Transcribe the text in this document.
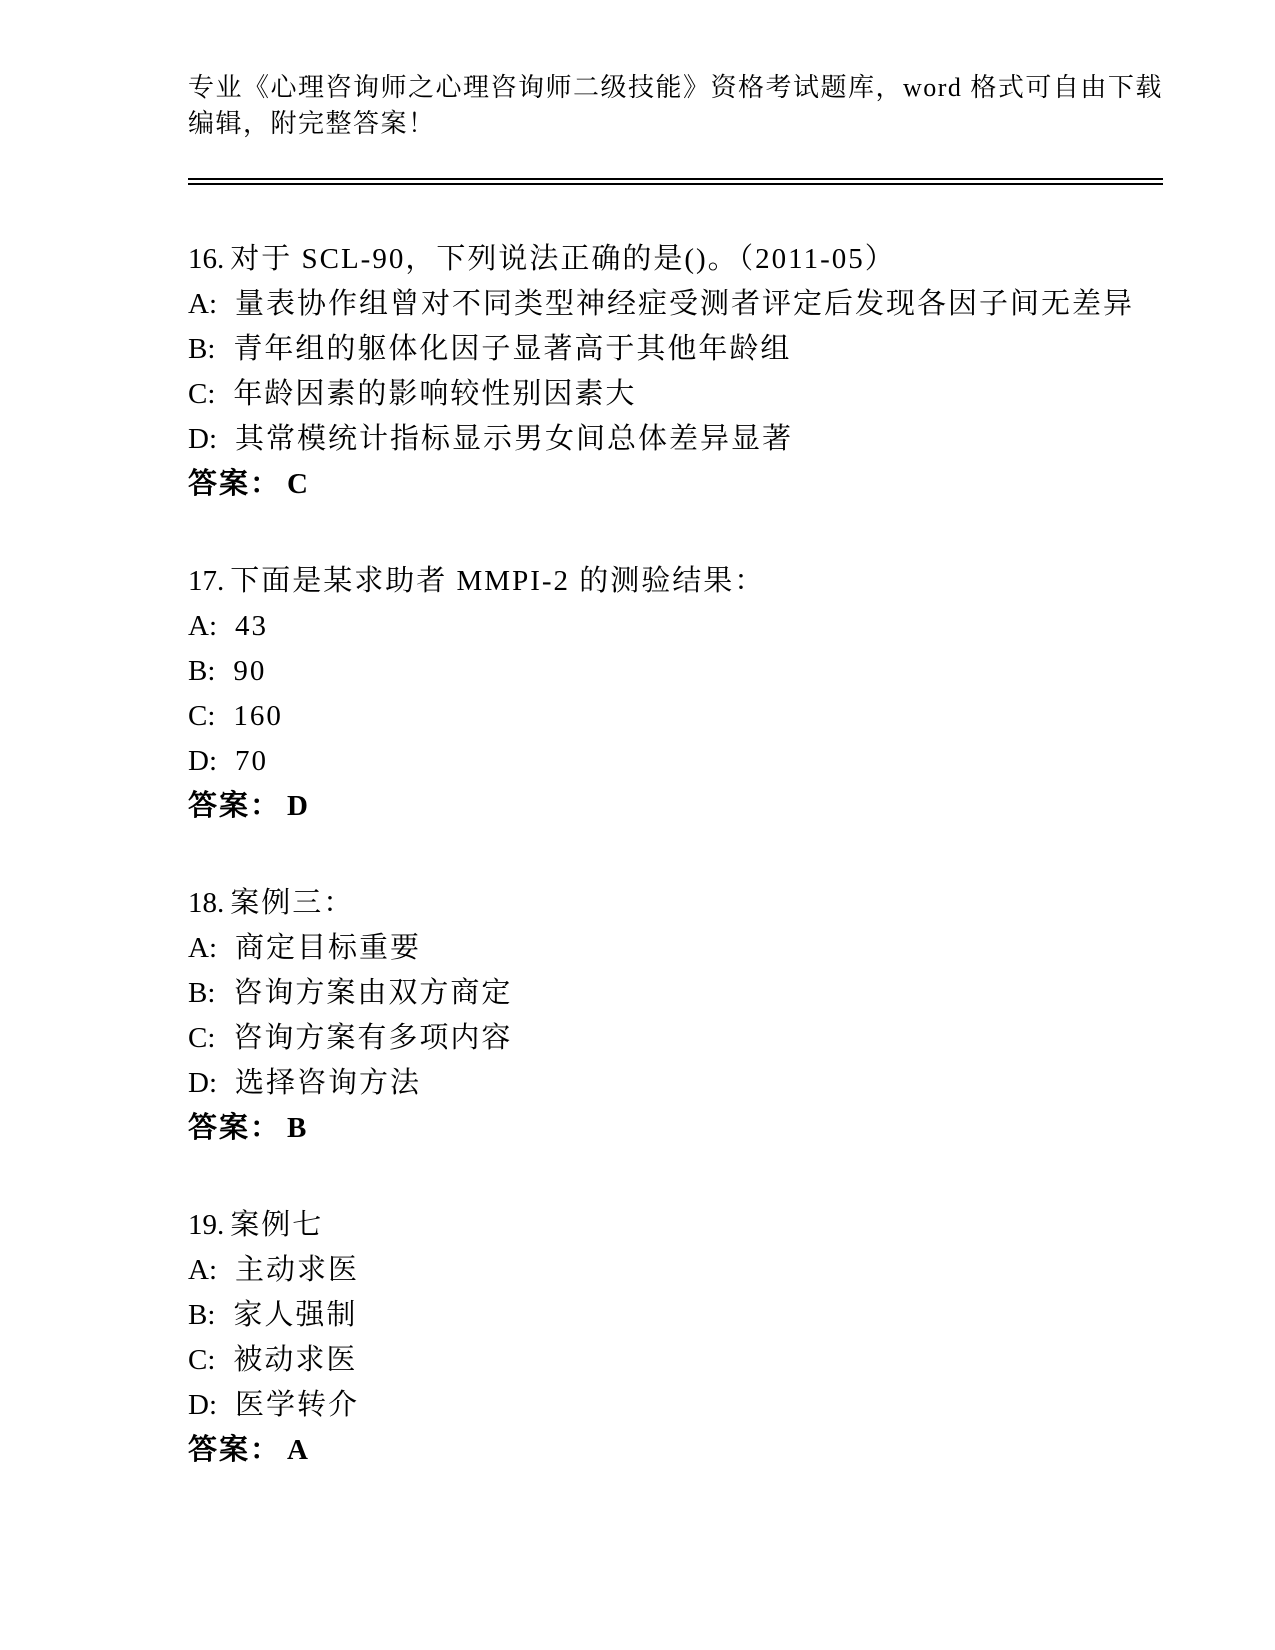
专业《心理咨询师之心理咨询师二级技能》资格考试题库，word 格式可自由下载
编辑，附完整答案！
16. 对于 SCL-90，下列说法正确的是()。（2011-05）
A: 量表协作组曾对不同类型神经症受测者评定后发现各因子间无差异
B: 青年组的躯体化因子显著高于其他年龄组
C: 年龄因素的影响较性别因素大
D: 其常模统计指标显示男女间总体差异显著
答案： C
17. 下面是某求助者 MMPI-2 的测验结果：
A: 43
B: 90
C: 160
D: 70
答案： D
18. 案例三：
A: 商定目标重要
B: 咨询方案由双方商定
C: 咨询方案有多项内容
D: 选择咨询方法
答案： B
19. 案例七
A: 主动求医
B: 家人强制
C: 被动求医
D: 医学转介
答案： A
